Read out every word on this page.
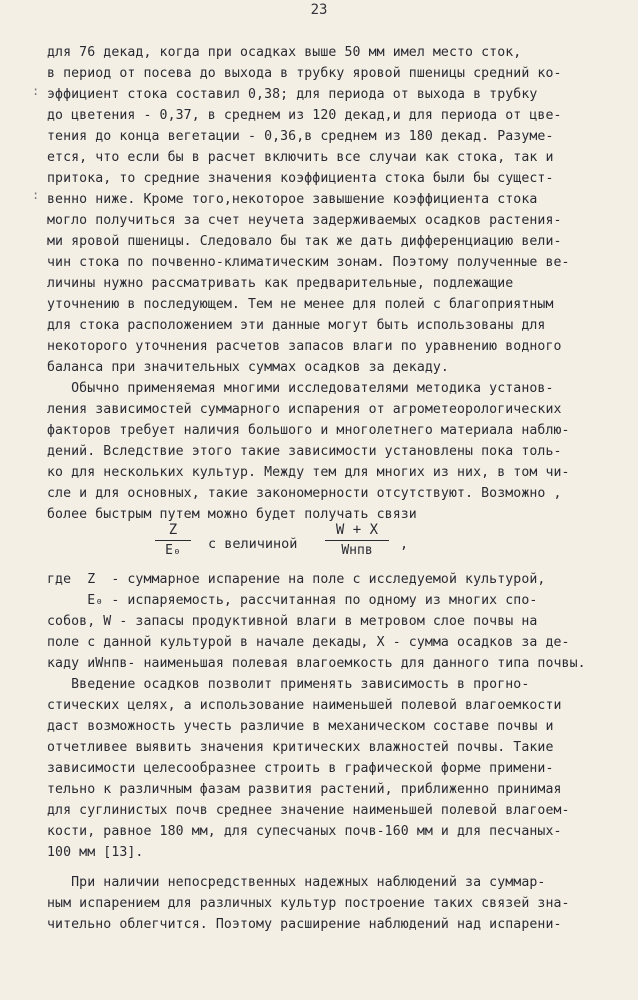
23
:
:
для 76 декад, когда при осадках выше 50 мм имел место сток,
в период от посева до выхода в трубку яровой пшеницы средний ко-
эффициент стока составил 0,38; для периода от выхода в трубку
до цветения - 0,37, в среднем из 120 декад,и для периода от цве-
тения до конца вегетации - 0,36,в среднем из 180 декад. Разуме-
ется, что если бы в расчет включить все случаи как стока, так и
притока, то средние значения коэффициента стока были бы сущест-
венно ниже. Кроме того,некоторое завышение коэффициента стока
могло получиться за счет неучета задерживаемых осадков растения-
ми яровой пшеницы. Следовало бы так же дать дифференциацию вели-
чин стока по почвенно-климатическим зонам. Поэтому полученные ве-
личины нужно рассматривать как предварительные, подлежащие
уточнению в последующем. Тем не менее для полей с благоприятным
для стока расположением эти данные могут быть использованы для
некоторого уточнения расчетов запасов влаги по уравнению водного
баланса при значительных суммах осадков за декаду.
Обычно применяемая многими исследователями методика установ-
ления зависимостей суммарного испарения от агрометеорологических
факторов требует наличия большого и многолетнего материала наблю-
дений. Вследствие этого такие зависимости установлены пока толь-
ко для нескольких культур. Между тем для многих из них, в том чи-
сле и для основных, такие закономерности отсутствуют. Возможно ,
более быстрым путем можно будет получать связи
Z
E₀	с величиной
W + X
Wнпв	,
где  Z  - суммарное испарение на поле с исследуемой культурой,
E₀ - испаряемость, рассчитанная по одному из многих спо-
собов, W - запасы продуктивной влаги в метровом слое почвы на
поле с данной культурой в начале декады, X - сумма осадков за де-
каду иWнпв- наименьшая полевая влагоемкость для данного типа почвы.
Введение осадков позволит применять зависимость в прогно-
стических целях, а использование наименьшей полевой влагоемкости
даст возможность учесть различие в механическом составе почвы и
отчетливее выявить значения критических влажностей почвы. Такие
зависимости целесообразнее строить в графической форме примени-
тельно к различным фазам развития растений, приближенно принимая
для суглинистых почв среднее значение наименьшей полевой влагоем-
кости, равное 180 мм, для супесчаных почв-160 мм и для песчаных-
100 мм [13].
При наличии непосредственных надежных наблюдений за суммар-
ным испарением для различных культур построение таких связей зна-
чительно облегчится. Поэтому расширение наблюдений над испарени-
